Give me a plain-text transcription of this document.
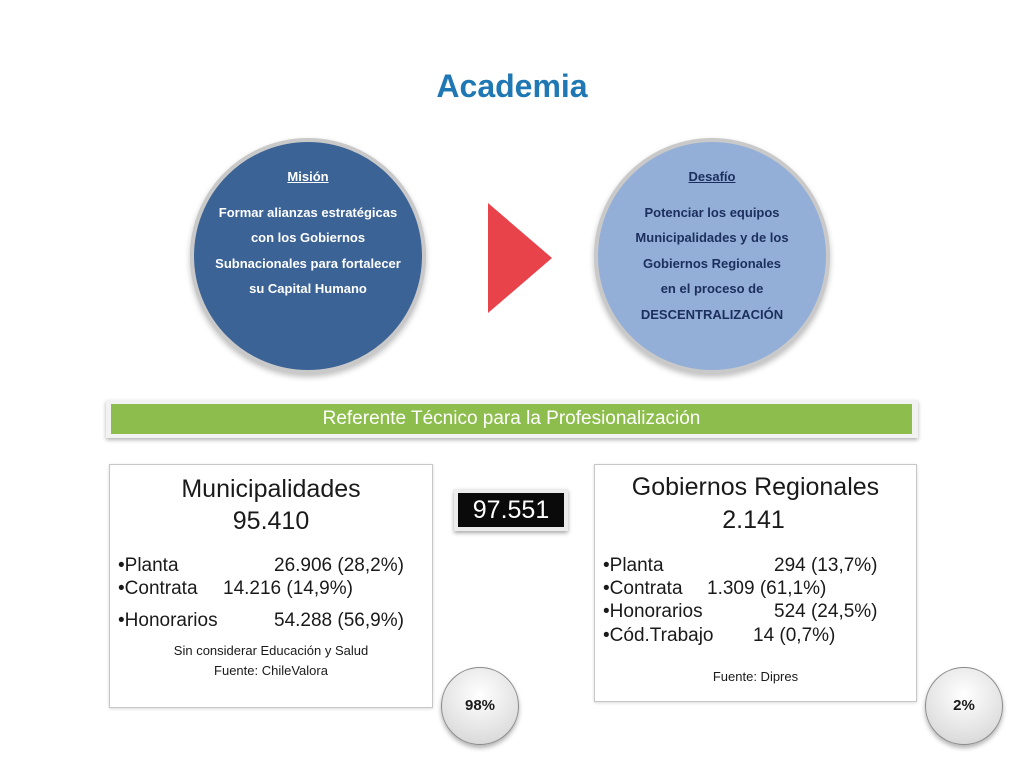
Academia
Misión
Formar alianzas estratégicas
con los Gobiernos
Subnacionales para fortalecer
su Capital Humano
Desafío
Potenciar los equipos
Municipalidades y de los
Gobiernos Regionales
en el proceso de
DESCENTRALIZACIÓN
Referente Técnico para la Profesionalización
Municipalidades
95.410
•Planta	26.906 (28,2%)
•Contrata 14.216 (14,9%)
•Honorarios	54.288 (56,9%)
Sin considerar Educación y Salud
Fuente: ChileValora
97.551
Gobiernos Regionales
2.141
•Planta	294 (13,7%)
•Contrata 1.309 (61,1%)
•Honorarios	524 (24,5%)
•Cód.Trabajo 14 (0,7%)
Fuente: Dipres
98%	2%
